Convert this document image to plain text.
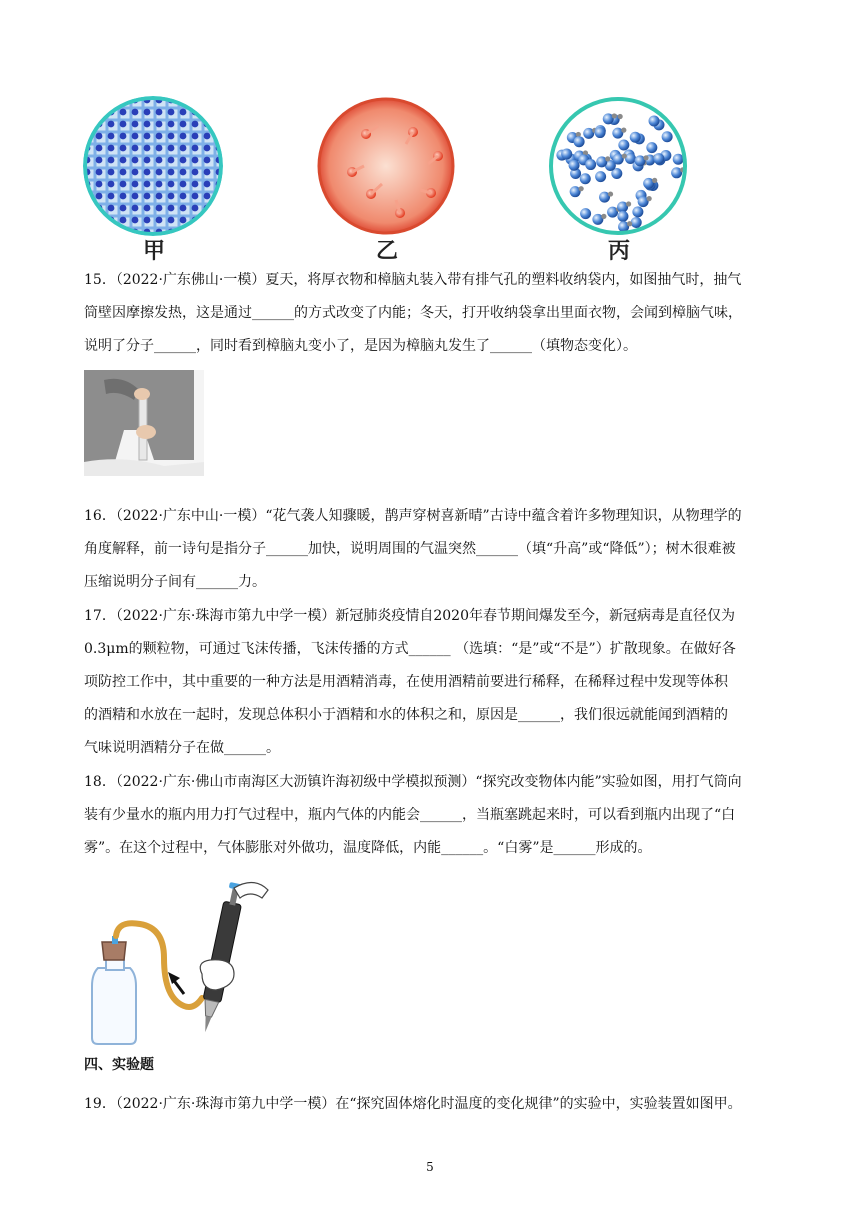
甲	乙	丙
15．（2022·广东佛山·一模）夏天，将厚衣物和樟脑丸装入带有排气孔的塑料收纳袋内，如图抽气时，抽气
筒壁因摩擦发热，这是通过______的方式改变了内能；冬天，打开收纳袋拿出里面衣物，会闻到樟脑气味，
说明了分子______，同时看到樟脑丸变小了，是因为樟脑丸发生了______（填物态变化）。
16．（2022·广东中山·一模）“花气袭人知骤暖，鹊声穿树喜新晴”古诗中蕴含着许多物理知识，从物理学的
角度解释，前一诗句是指分子______加快，说明周围的气温突然______（填“升高”或“降低”）；树木很难被
压缩说明分子间有______力。
17．（2022·广东·珠海市第九中学一模）新冠肺炎疫情自2020年春节期间爆发至今，新冠病毒是直径仅为
0.3μm的颗粒物，可通过飞沫传播，飞沫传播的方式______ （选填：“是”或“不是”）扩散现象。在做好各
项防控工作中，其中重要的一种方法是用酒精消毒，在使用酒精前要进行稀释，在稀释过程中发现等体积
的酒精和水放在一起时，发现总体积小于酒精和水的体积之和，原因是______，我们很远就能闻到酒精的
气味说明酒精分子在做______。
18．（2022·广东·佛山市南海区大沥镇许海初级中学模拟预测）“探究改变物体内能”实验如图，用打气筒向
装有少量水的瓶内用力打气过程中，瓶内气体的内能会______，当瓶塞跳起来时，可以看到瓶内出现了“白
雾”。在这个过程中，气体膨胀对外做功，温度降低，内能______。“白雾”是______形成的。
四、实验题
19．（2022·广东·珠海市第九中学一模）在“探究固体熔化时温度的变化规律”的实验中，实验装置如图甲。
5
